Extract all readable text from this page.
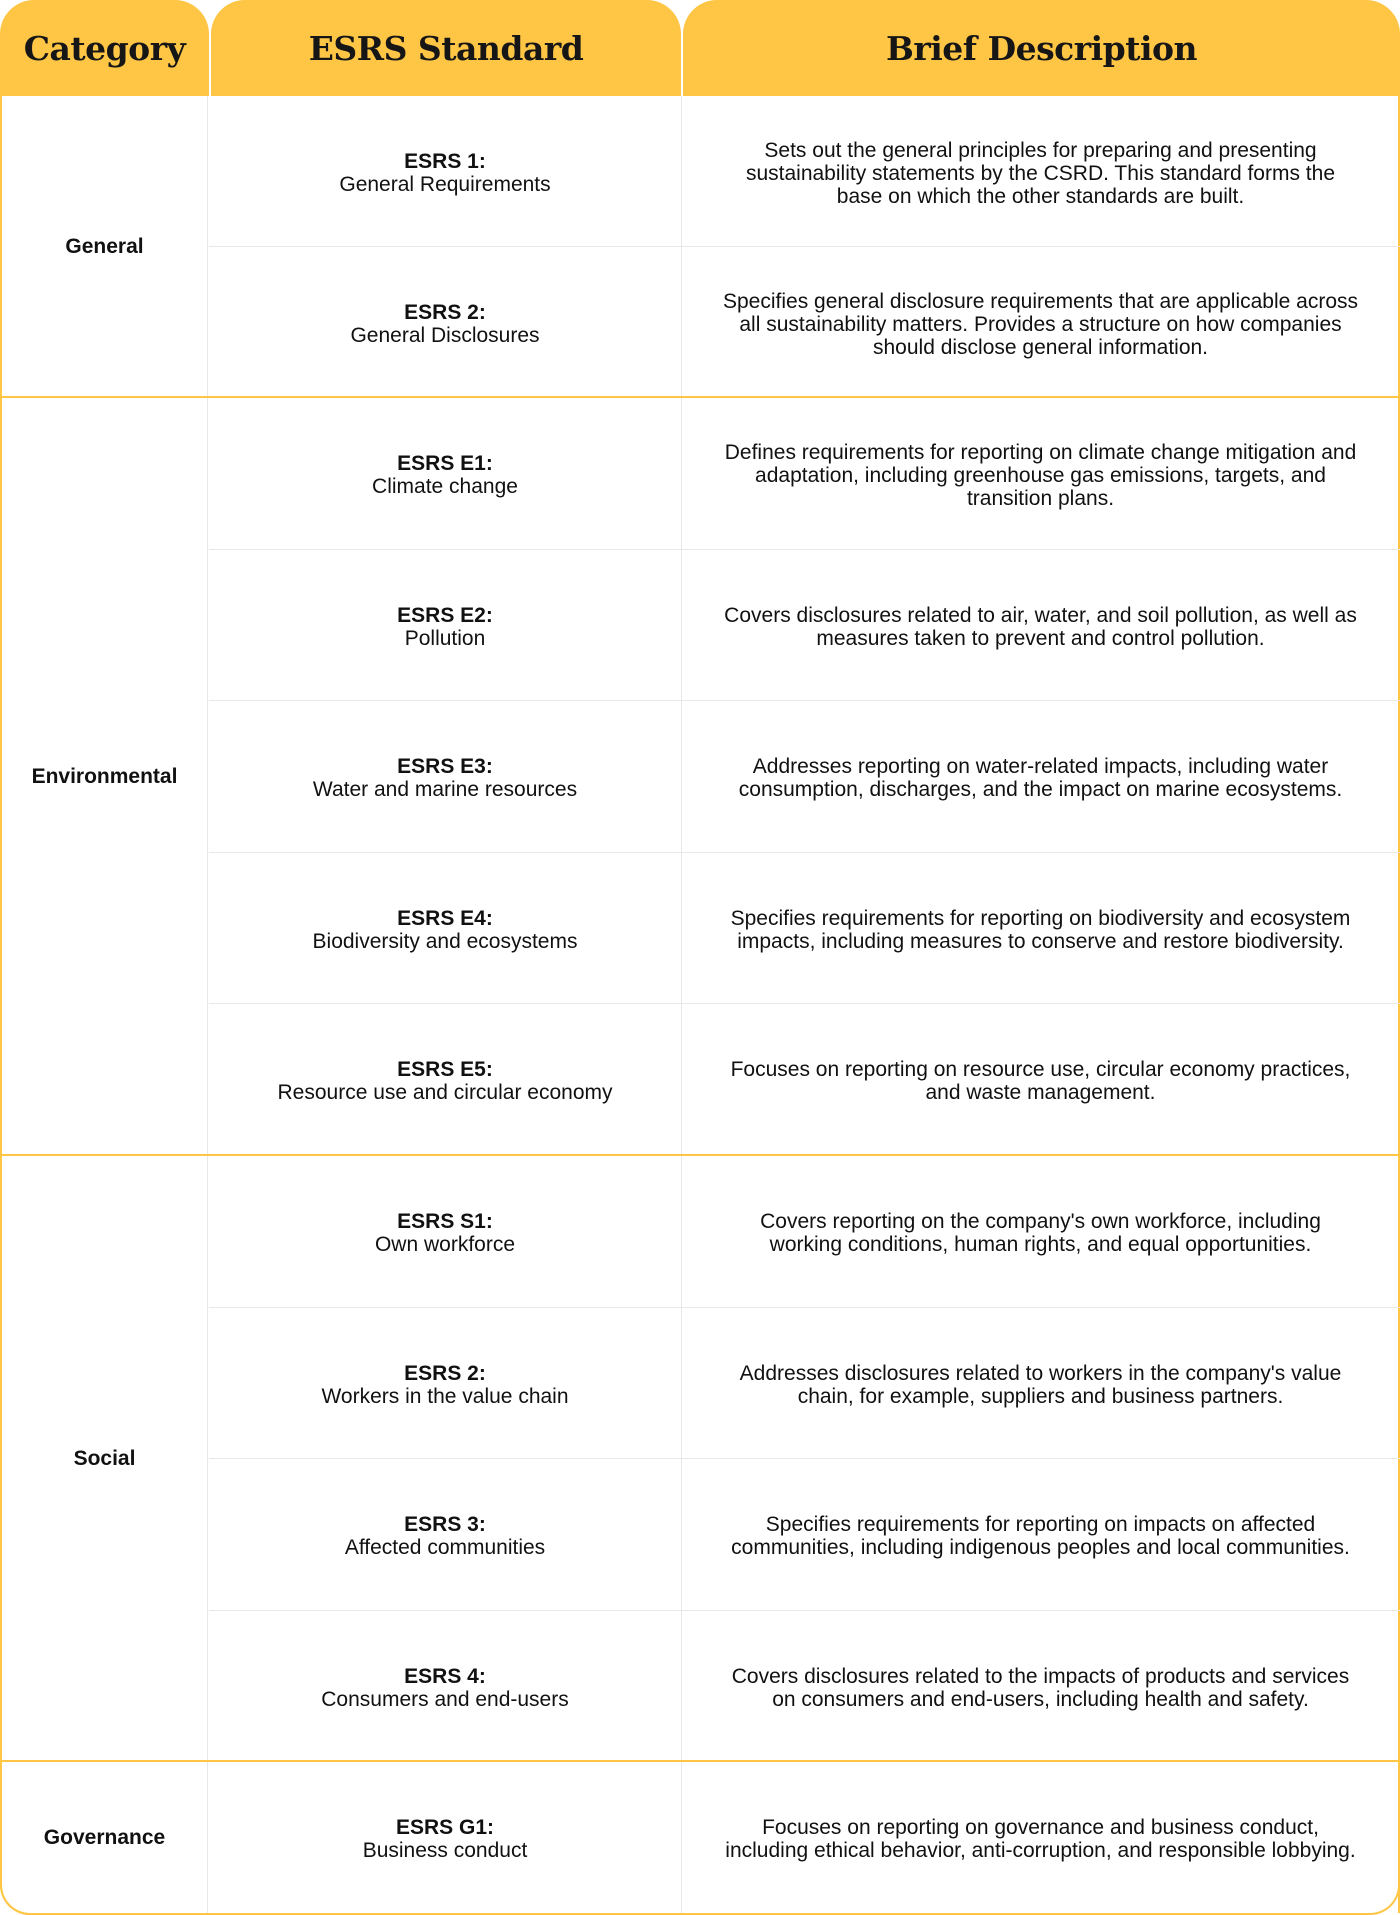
Category	ESRS Standard	Brief Description
General
Environmental
Social
Governance
ESRS 1:
General Requirements
Sets out the general principles for preparing and presenting sustainability statements by the CSRD. This standard forms the base on which the other standards are built.
ESRS 2:
General Disclosures
Specifies general disclosure requirements that are applicable across all sustainability matters. Provides a structure on how companies should disclose general information.
ESRS E1:
Climate change
Defines requirements for reporting on climate change mitigation and adaptation, including greenhouse gas emissions, targets, and transition plans.
ESRS E2:
Pollution
Covers disclosures related to air, water, and soil pollution, as well as measures taken to prevent and control pollution.
ESRS E3:
Water and marine resources
Addresses reporting on water-related impacts, including water consumption, discharges, and the impact on marine ecosystems.
ESRS E4:
Biodiversity and ecosystems
Specifies requirements for reporting on biodiversity and ecosystem impacts, including measures to conserve and restore biodiversity.
ESRS E5:
Resource use and circular economy
Focuses on reporting on resource use, circular economy practices, and waste management.
ESRS S1:
Own workforce
Covers reporting on the company's own workforce, including working conditions, human rights, and equal opportunities.
ESRS 2:
Workers in the value chain
Addresses disclosures related to workers in the company's value chain, for example, suppliers and business partners.
ESRS 3:
Affected communities
Specifies requirements for reporting on impacts on affected communities, including indigenous peoples and local communities.
ESRS 4:
Consumers and end-users
Covers disclosures related to the impacts of products and services on consumers and end-users, including health and safety.
ESRS G1:
Business conduct
Focuses on reporting on governance and business conduct, including ethical behavior, anti-corruption, and responsible lobbying.
